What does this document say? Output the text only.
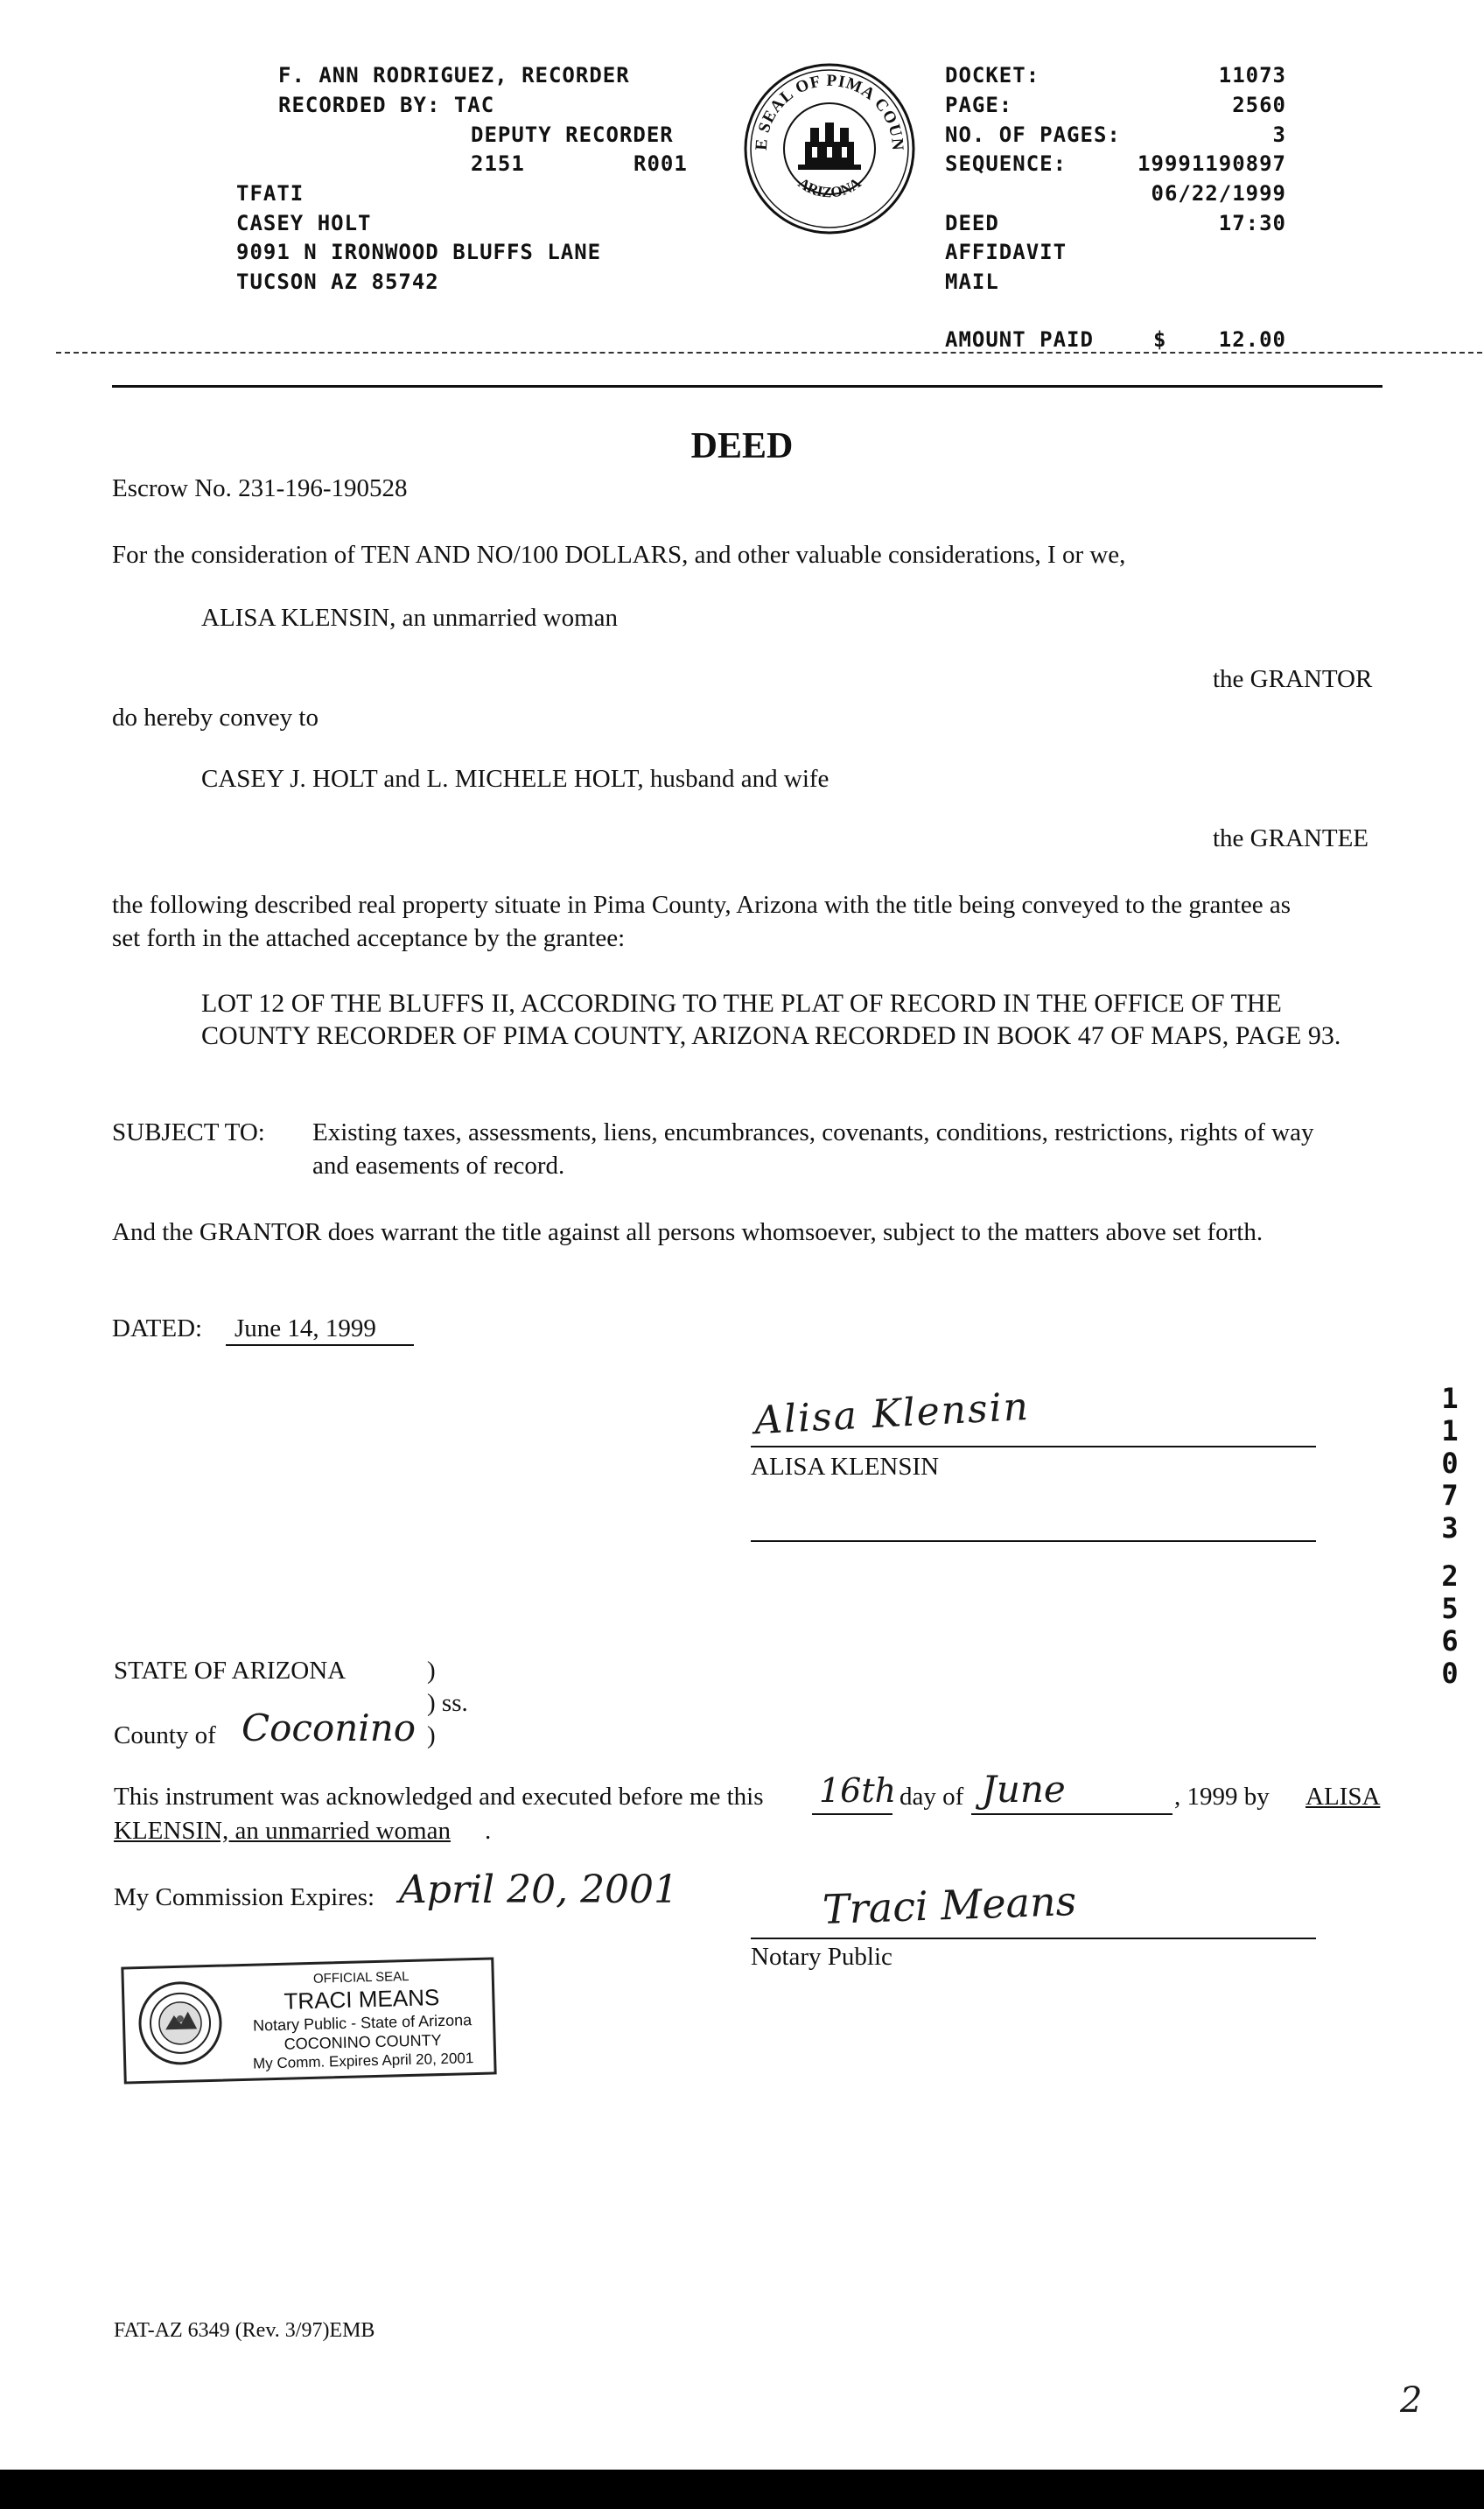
F. ANN RODRIGUEZ, RECORDER
RECORDED BY: TAC
DEPUTY RECORDER
2151	R001
TFATI
CASEY HOLT
9091 N IRONWOOD BLUFFS LANE
TUCSON AZ 85742
E SEAL OF PIMA COUN
ARIZONA
DOCKET:	11073
PAGE:	2560
NO. OF PAGES:	3
SEQUENCE:	19991190897
06/22/1999
DEED	17:30
AFFIDAVIT
MAIL
AMOUNT PAID	$	12.00
DEED
Escrow No. 231-196-190528
For the consideration of TEN AND NO/100 DOLLARS, and other valuable considerations, I or we,
ALISA KLENSIN, an unmarried woman
the GRANTOR
do hereby convey to
CASEY J. HOLT and L. MICHELE HOLT, husband and wife
the GRANTEE
the following described real property situate in Pima County, Arizona with the title being conveyed to the grantee as
set forth in the attached acceptance by the grantee:
LOT 12 OF THE BLUFFS II, ACCORDING TO THE PLAT OF RECORD IN THE OFFICE OF THE
COUNTY RECORDER OF PIMA COUNTY, ARIZONA RECORDED IN BOOK 47 OF MAPS, PAGE 93.
SUBJECT TO: Existing taxes, assessments, liens, encumbrances, covenants, conditions, restrictions, rights of way
and easements of record.
And the GRANTOR does warrant the title against all persons whomsoever, subject to the matters above set forth.
DATED: June 14, 1999
Alisa Klensin
ALISA KLENSIN
1
1
0
7
3
2
5
6
0
STATE OF ARIZONA	)
) ss.
County of Coconino )
This instrument was acknowledged and executed before me this 16th day of June	, 1999 by ALISA
KLENSIN, an unmarried woman .
My Commission Expires: April 20, 2001	Traci Means
Notary Public
OFFICIAL SEAL
TRACI MEANS
Notary Public - State of Arizona
COCONINO COUNTY
My Comm. Expires April 20, 2001
FAT-AZ 6349 (Rev. 3/97)EMB
2
